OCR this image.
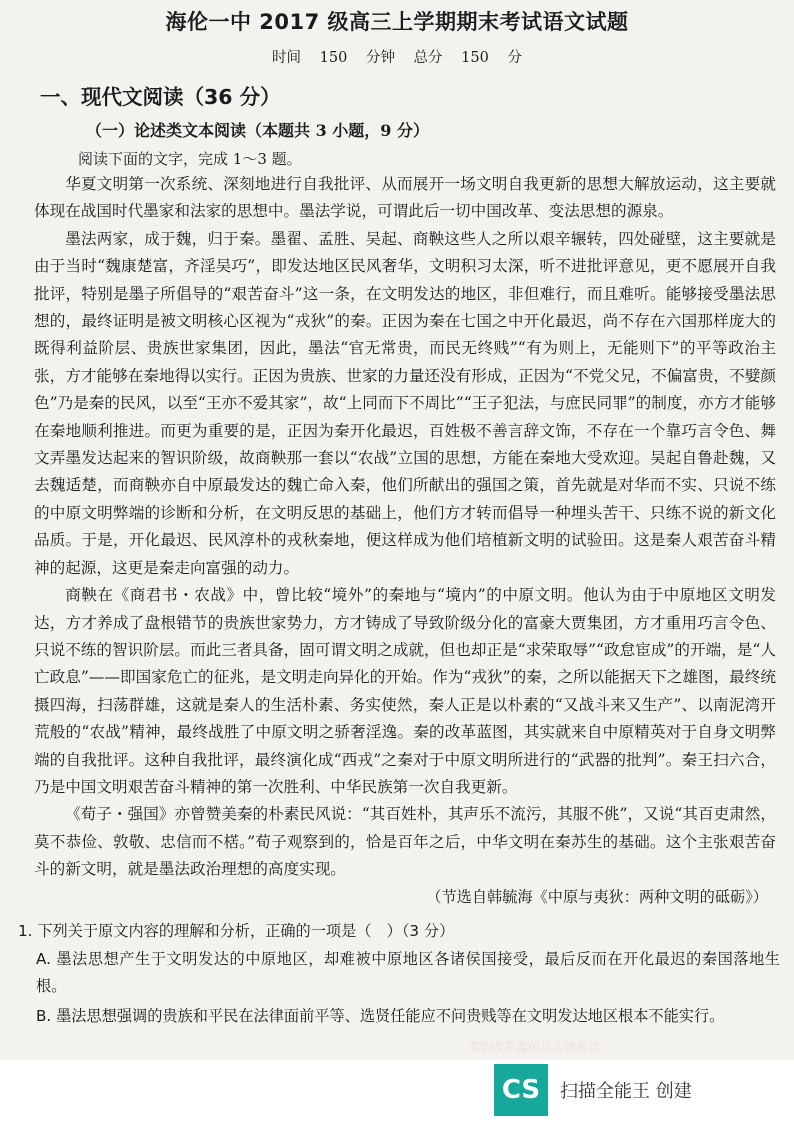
海伦一中 2017 级高三上学期期末考试语文试题
时间 150 分钟 总分 150 分
一、现代文阅读（36 分）
（一）论述类文本阅读（本题共 3 小题，9 分）
阅读下面的文字，完成 1～3 题。

华夏文明第一次系统、深刻地进行自我批评、从而展开一场文明自我更新的思想大解放运动，这主要就体现在战国时代墨家和法家的思想中。墨法学说，可谓此后一切中国改革、变法思想的源泉。

墨法两家，成于魏，归于秦。墨翟、孟胜、吴起、商鞅这些人之所以艰辛辗转，四处碰壁，这主要就是由于当时“魏康楚富，齐淫吴巧”，即发达地区民风奢华，文明积习太深，听不进批评意见，更不愿展开自我批评，特别是墨子所倡导的“艰苦奋斗”这一条，在文明发达的地区，非但难行，而且难听。能够接受墨法思想的，最终证明是被文明核心区视为“戎狄”的秦。正因为秦在七国之中开化最迟，尚不存在六国那样庞大的既得利益阶层、贵族世家集团，因此，墨法“官无常贵，而民无终贱”“有为则上，无能则下”的平等政治主张，方才能够在秦地得以实行。正因为贵族、世家的力量还没有形成，正因为“不党父兄，不偏富贵，不嬖颜色”乃是秦的民风，以至“王亦不爱其家”，故“上同而下不周比”“王子犯法，与庶民同罪”的制度，亦方才能够在秦地顺利推进。而更为重要的是，正因为秦开化最迟，百姓极不善言辞文饰，不存在一个靠巧言令色、舞文弄墨发达起来的智识阶级，故商鞅那一套以“农战”立国的思想，方能在秦地大受欢迎。吴起自鲁赴魏，又去魏适楚，而商鞅亦自中原最发达的魏亡命入秦，他们所献出的强国之策，首先就是对华而不实、只说不练的中原文明弊端的诊断和分析，在文明反思的基础上，他们方才转而倡导一种埋头苦干、只练不说的新文化品质。于是，开化最迟、民风淳朴的戎秋秦地，便这样成为他们培植新文明的试验田。这是秦人艰苦奋斗精神的起源，这更是秦走向富强的动力。

商鞅在《商君书・农战》中，曾比较“境外”的秦地与“境内”的中原文明。他认为由于中原地区文明发达，方才养成了盘根错节的贵族世家势力，方才铸成了导致阶级分化的富豪大贾集团，方才重用巧言令色、只说不练的智识阶层。而此三者具备，固可谓文明之成就，但也却正是“求荣取辱”“政怠宦成”的开端，是“人亡政息”——即国家危亡的征兆，是文明走向异化的开始。作为“戎狄”的秦，之所以能据天下之雄图，最终统摄四海，扫荡群雄，这就是秦人的生活朴素、务实使然，秦人正是以朴素的“又战斗来又生产”、以南泥湾开荒般的“农战”精神，最终战胜了中原文明之骄奢淫逸。秦的改革蓝图，其实就来自中原精英对于自身文明弊端的自我批评。这种自我批评，最终演化成“西戎”之秦对于中原文明所进行的“武器的批判”。秦王扫六合，乃是中国文明艰苦奋斗精神的第一次胜利、中华民族第一次自我更新。

《荀子・强国》亦曾赞美秦的朴素民风说：“其百姓朴，其声乐不流污，其服不佻”，又说“其百吏肃然，莫不恭俭、敦敬、忠信而不楛。”荀子观察到的，恰是百年之后，中华文明在秦苏生的基础。这个主张艰苦奋斗的新文明，就是墨法政治理想的高度实现。

（节选自韩毓海《中原与夷狄：两种文明的砥砺》）

1. 下列关于原文内容的理解和分析，正确的一项是（　）（3 分）

A. 墨法思想产生于文明发达的中原地区，却难被中原地区各诸侯国接受，最后反而在开化最迟的秦国落地生根。

B. 墨法思想强调的贵族和平民在法律面前平等、选贤任能应不问贵贱等在文明发达地区根本不能实行。

…………秦的改革蓝图其实就来自……
CS	扫描全能王 创建
